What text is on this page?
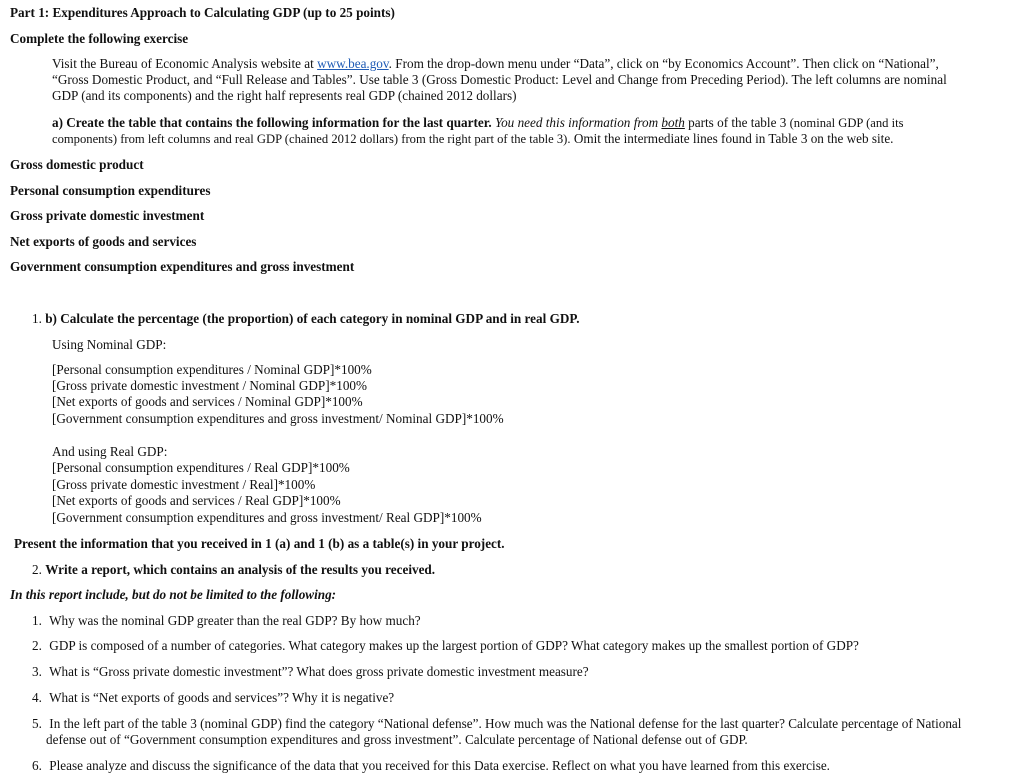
Part 1: Expenditures Approach to Calculating GDP (up to 25 points)
Complete the following exercise
Visit the Bureau of Economic Analysis website at www.bea.gov. From the drop-down menu under “Data”, click on “by Economics Account”. Then click on “National”,
“Gross Domestic Product, and “Full Release and Tables”. Use table 3 (Gross Domestic Product: Level and Change from Preceding Period). The left columns are nominal
GDP (and its components) and the right half represents real GDP (chained 2012 dollars)
a) Create the table that contains the following information for the last quarter. You need this information from both parts of the table 3 (nominal GDP (and its
components) from left columns and real GDP (chained 2012 dollars) from the right part of the table 3). Omit the intermediate lines found in Table 3 on the web site.
Gross domestic product
Personal consumption expenditures
Gross private domestic investment
Net exports of goods and services
Government consumption expenditures and gross investment
1. b) Calculate the percentage (the proportion) of each category in nominal GDP and in real GDP.
Using Nominal GDP:
[Personal consumption expenditures / Nominal GDP]*100%
[Gross private domestic investment / Nominal GDP]*100%
[Net exports of goods and services / Nominal GDP]*100%
[Government consumption expenditures and gross investment/ Nominal GDP]*100%
And using Real GDP:
[Personal consumption expenditures / Real GDP]*100%
[Gross private domestic investment / Real]*100%
[Net exports of goods and services / Real GDP]*100%
[Government consumption expenditures and gross investment/ Real GDP]*100%
Present the information that you received in 1 (a) and 1 (b) as a table(s) in your project.
2. Write a report, which contains an analysis of the results you received.
In this report include, but do not be limited to the following:
1. Why was the nominal GDP greater than the real GDP? By how much?
2. GDP is composed of a number of categories. What category makes up the largest portion of GDP? What category makes up the smallest portion of GDP?
3. What is “Gross private domestic investment”? What does gross private domestic investment measure?
4. What is “Net exports of goods and services”? Why it is negative?
5. In the left part of the table 3 (nominal GDP) find the category “National defense”. How much was the National defense for the last quarter? Calculate percentage of National
defense out of “Government consumption expenditures and gross investment”. Calculate percentage of National defense out of GDP.
6. Please analyze and discuss the significance of the data that you received for this Data exercise. Reflect on what you have learned from this exercise.
